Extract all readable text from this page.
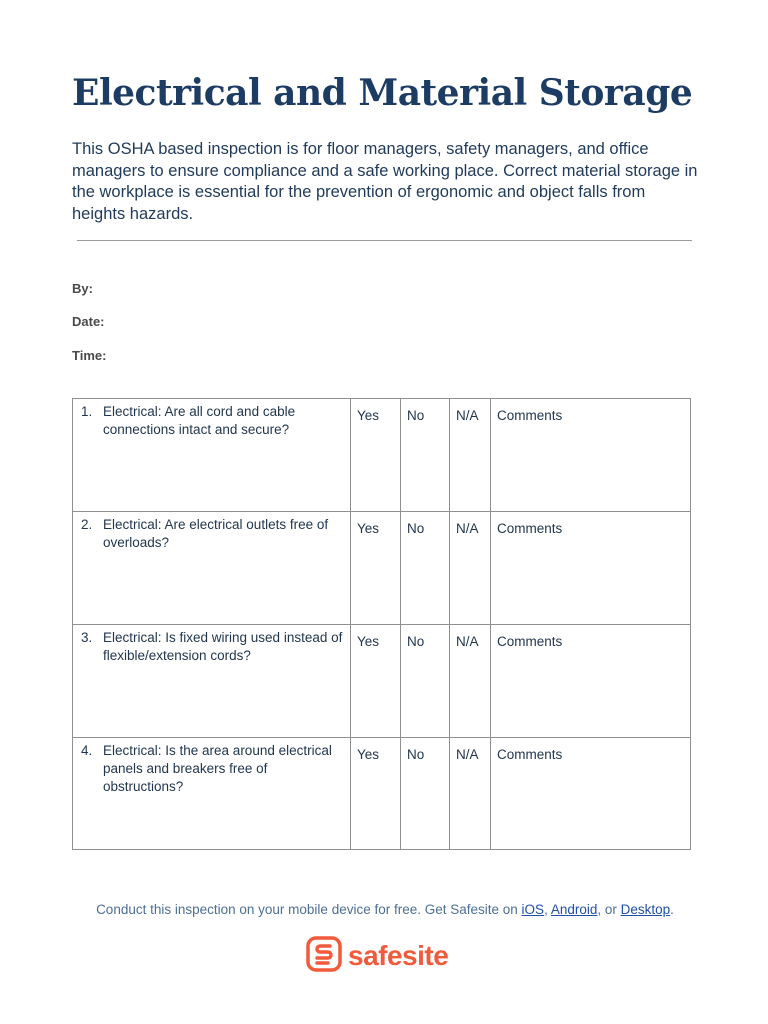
Electrical and Material Storage

This OSHA based inspection is for floor managers, safety managers, and office managers to ensure compliance and a safe working place. Correct material storage in the workplace is essential for the prevention of ergonomic and object falls from heights hazards.

By:
Date:
Time:
1. Electrical: Are all cord and cable connections intact and secure?	Yes	No	N/A	Comments

2. Electrical: Are electrical outlets free of overloads?	Yes	No	N/A	Comments

3. Electrical: Is fixed wiring used instead of flexible/extension cords?	Yes	No	N/A	Comments

4. Electrical: Is the area around electrical panels and breakers free of obstructions?	Yes	No	N/A	Comments
Conduct this inspection on your mobile device for free. Get Safesite on iOS, Android, or Desktop.
safesite
